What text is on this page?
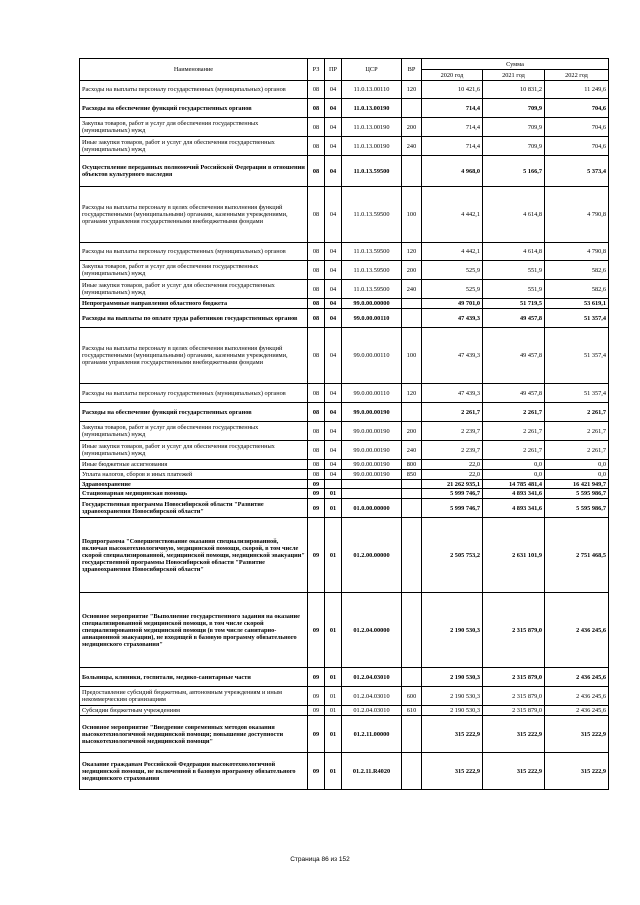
Наименование	РЗ	ПР	ЦСР	ВР	Сумма		
					2020 год	2021 год	2022 год
Расходы на выплаты персоналу государственных (муниципальных) органов	08	04	11.0.13.00110	120	10 421,6	10 831,2	11 249,6
Расходы на обеспечение функций государственных органов	08	04	11.0.13.00190		714,4	709,9	704,6
Закупка товаров, работ и услуг для обеспечения государственных (муниципальных) нужд	08	04	11.0.13.00190	200	714,4	709,9	704,6
Иные закупки товаров, работ и услуг для обеспечения государственных (муниципальных) нужд	08	04	11.0.13.00190	240	714,4	709,9	704,6
Осуществление переданных полномочий Российской Федерации в отношении объектов культурного наследия	08	04	11.0.13.59500		4 968,0	5 166,7	5 373,4
Расходы на выплаты персоналу в целях обеспечения выполнения функций государственными (муниципальными) органами, казенными учреждениями, органами управления государственными внебюджетными фондами	08	04	11.0.13.59500	100	4 442,1	4 614,8	4 790,8
Расходы на выплаты персоналу государственных (муниципальных) органов	08	04	11.0.13.59500	120	4 442,1	4 614,8	4 790,8
Закупка товаров, работ и услуг для обеспечения государственных (муниципальных) нужд	08	04	11.0.13.59500	200	525,9	551,9	582,6
Иные закупки товаров, работ и услуг для обеспечения государственных (муниципальных) нужд	08	04	11.0.13.59500	240	525,9	551,9	582,6
Непрограммные направления областного бюджета	08	04	99.0.00.00000		49 701,0	51 719,5	53 619,1
Расходы на выплаты по оплате труда работников государственных органов	08	04	99.0.00.00110		47 439,3	49 457,8	51 357,4
Расходы на выплаты персоналу в целях обеспечения выполнения функций государственными (муниципальными) органами, казенными учреждениями, органами управления государственными внебюджетными фондами	08	04	99.0.00.00110	100	47 439,3	49 457,8	51 357,4
Расходы на выплаты персоналу государственных (муниципальных) органов	08	04	99.0.00.00110	120	47 439,3	49 457,8	51 357,4
Расходы на обеспечение функций государственных органов	08	04	99.0.00.00190		2 261,7	2 261,7	2 261,7
Закупка товаров, работ и услуг для обеспечения государственных (муниципальных) нужд	08	04	99.0.00.00190	200	2 239,7	2 261,7	2 261,7
Иные закупки товаров, работ и услуг для обеспечения государственных (муниципальных) нужд	08	04	99.0.00.00190	240	2 239,7	2 261,7	2 261,7
Иные бюджетные ассигнования	08	04	99.0.00.00190	800	22,0	0,0	0,0
Уплата налогов, сборов и иных платежей	08	04	99.0.00.00190	850	22,0	0,0	0,0
Здравоохранение	09				21 262 935,1	14 785 481,4	16 421 949,7
Стационарная медицинская помощь	09	01			5 999 746,7	4 893 341,6	5 595 986,7
Государственная программа Новосибирской области "Развитие здравоохранения Новосибирской области"	09	01	01.0.00.00000		5 999 746,7	4 893 341,6	5 595 986,7
Подпрограмма "Совершенствование оказания специализированной, включая высокотехнологичную, медицинской помощи, скорой, в том числе скорой специализированной, медицинской помощи, медицинской эвакуации" государственной программы Новосибирской области "Развитие здравоохранения Новосибирской области"	09	01	01.2.00.00000		2 505 753,2	2 631 101,9	2 751 468,5
Основное мероприятие "Выполнение государственного задания на оказание специализированной медицинской помощи, в том числе скорой специализированной медицинской помощи (в том числе санитарно-авиационной эвакуации), не входящей в базовую программу обязательного медицинского страхования"	09	01	01.2.04.00000		2 190 530,3	2 315 879,0	2 436 245,6
Больницы, клиники, госпитали, медико-санитарные части	09	01	01.2.04.03010		2 190 530,3	2 315 879,0	2 436 245,6
Предоставление субсидий бюджетным, автономным учреждениям и иным некоммерческим организациям	09	01	01.2.04.03010	600	2 190 530,3	2 315 879,0	2 436 245,6
Субсидии бюджетным учреждениям	09	01	01.2.04.03010	610	2 190 530,3	2 315 879,0	2 436 245,6
Основное мероприятие "Внедрение современных методов оказания высокотехнологичной медицинской помощи; повышение доступности высокотехнологичной медицинской помощи"	09	01	01.2.11.00000		315 222,9	315 222,9	315 222,9
Оказание гражданам Российской Федерации высокотехнологичной медицинской помощи, не включенной в базовую программу обязательного медицинского страхования	09	01	01.2.11.R4020		315 222,9	315 222,9	315 222,9
Страница 86 из 152
